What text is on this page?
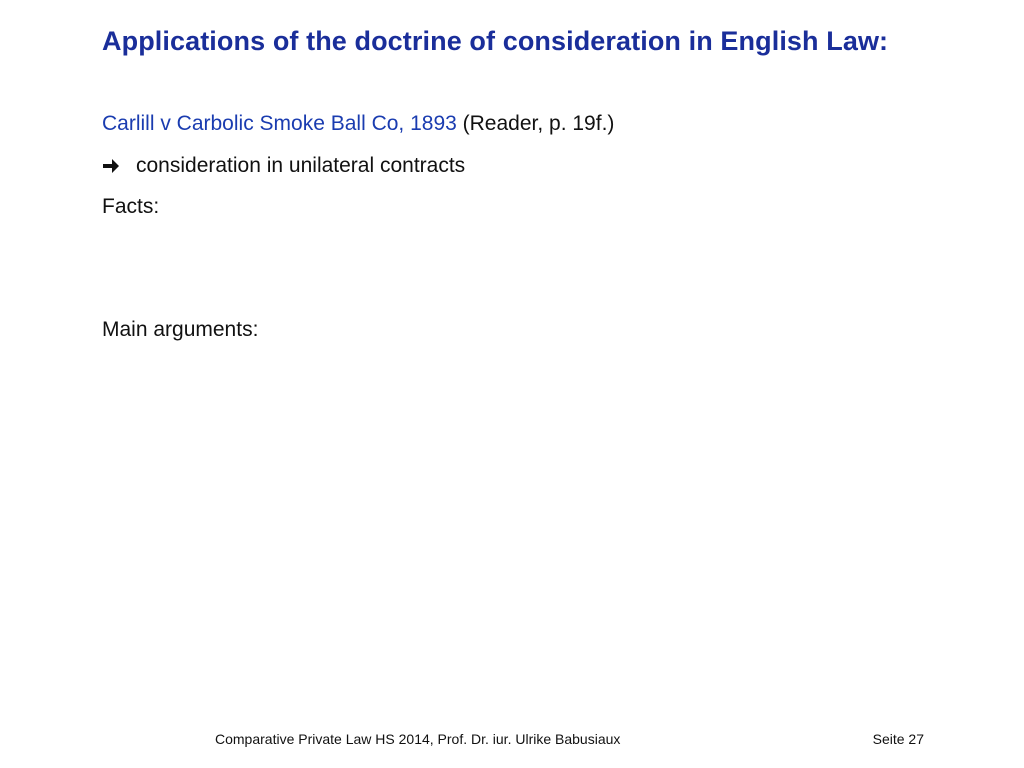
Applications of the doctrine of consideration in English Law:
Carlill v Carbolic Smoke Ball Co, 1893 (Reader, p. 19f.)
consideration in unilateral contracts
Facts:
Main arguments:
Comparative Private Law HS 2014, Prof. Dr. iur. Ulrike Babusiaux	Seite 27
